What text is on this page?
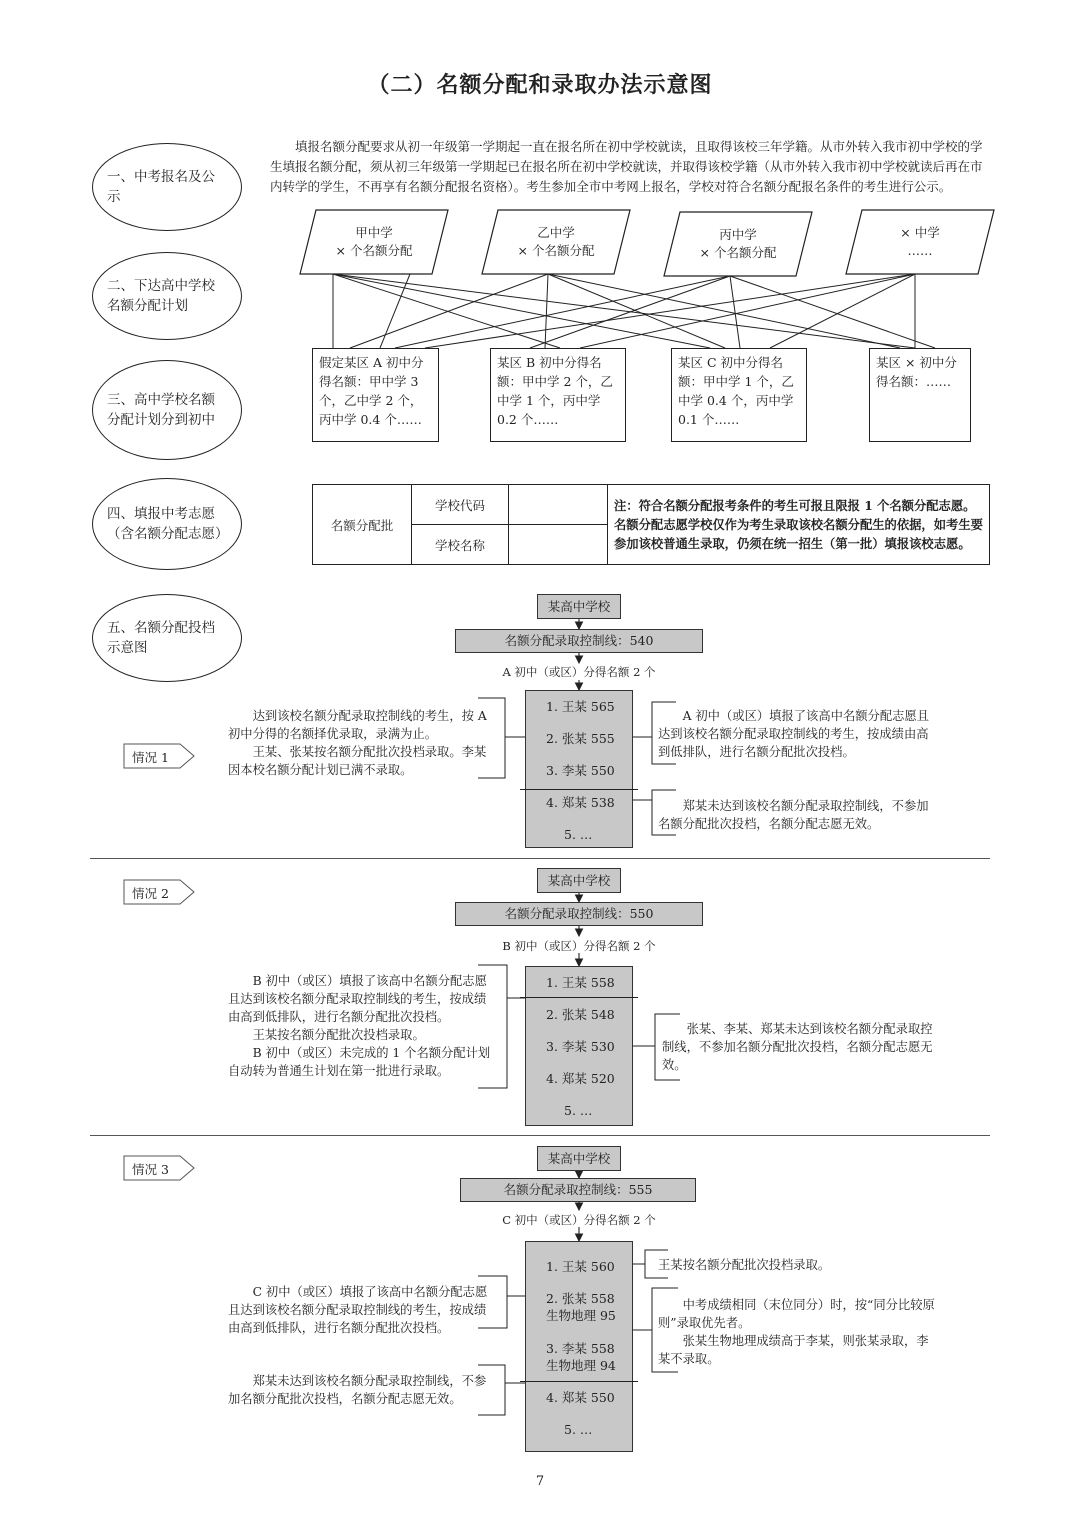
（二）名额分配和录取办法示意图
一、中考报名及公示
二、下达高中学校名额分配计划
三、高中学校名额分配计划分到初中
四、填报中考志愿（含名额分配志愿）
五、名额分配投档示意图
填报名额分配要求从初一年级第一学期起一直在报名所在初中学校就读，且取得该校三年学籍。从市外转入我市初中学校的学生填报名额分配，须从初三年级第一学期起已在报名所在初中学校就读，并取得该校学籍（从市外转入我市初中学校就读后再在市内转学的学生，不再享有名额分配报名资格）。考生参加全市中考网上报名，学校对符合名额分配报名条件的考生进行公示。
甲中学
× 个名额分配
乙中学
× 个名额分配
丙中学
× 个名额分配
× 中学
……
假定某区 A 初中分得名额：甲中学 3 个，乙中学 2 个，丙中学 0.4 个……
某区 B 初中分得名额：甲中学 2 个，乙中学 1 个，丙中学 0.2 个……
某区 C 初中分得名额：甲中学 1 个，乙中学 0.4 个，丙中学 0.1 个……
某区 × 初中分得名额：……
名额分配批	学校代码		注：符合名额分配报考条件的考生可报且限报 1 个名额分配志愿。名额分配志愿学校仅作为考生录取该校名额分配生的依据，如考生要参加该校普通生录取，仍须在统一招生（第一批）填报该校志愿。
	学校名称		
某高中学校
名额分配录取控制线：540
A 初中（或区）分得名额 2 个
1. 王某 565
2. 张某 555
3. 李某 550
4. 郑某 538
5. …
达到该校名额分配录取控制线的考生，按 A 初中分得的名额择优录取，录满为止。
王某、张某按名额分配批次投档录取。李某因本校名额分配计划已满不录取。
A 初中（或区）填报了该高中名额分配志愿且达到该校名额分配录取控制线的考生，按成绩由高到低排队，进行名额分配批次投档。
郑某未达到该校名额分配录取控制线，不参加名额分配批次投档，名额分配志愿无效。
情况 1
情况 2
某高中学校
名额分配录取控制线：550
B 初中（或区）分得名额 2 个
1. 王某 558
2. 张某 548
3. 李某 530
4. 郑某 520
5. …
B 初中（或区）填报了该高中名额分配志愿且达到该校名额分配录取控制线的考生，按成绩由高到低排队，进行名额分配批次投档。
王某按名额分配批次投档录取。
B 初中（或区）未完成的 1 个名额分配计划自动转为普通生计划在第一批进行录取。
张某、李某、郑某未达到该校名额分配录取控制线，不参加名额分配批次投档，名额分配志愿无效。
情况 3
某高中学校
名额分配录取控制线：555
C 初中（或区）分得名额 2 个
1. 王某 560
2. 张某 558
生物地理 95
3. 李某 558
生物地理 94
4. 郑某 550
5. …
C 初中（或区）填报了该高中名额分配志愿且达到该校名额分配录取控制线的考生，按成绩由高到低排队，进行名额分配批次投档。
郑某未达到该校名额分配录取控制线，不参加名额分配批次投档，名额分配志愿无效。
王某按名额分配批次投档录取。
中考成绩相同（末位同分）时，按“同分比较原则”录取优先者。
张某生物地理成绩高于李某，则张某录取，李某不录取。
7
